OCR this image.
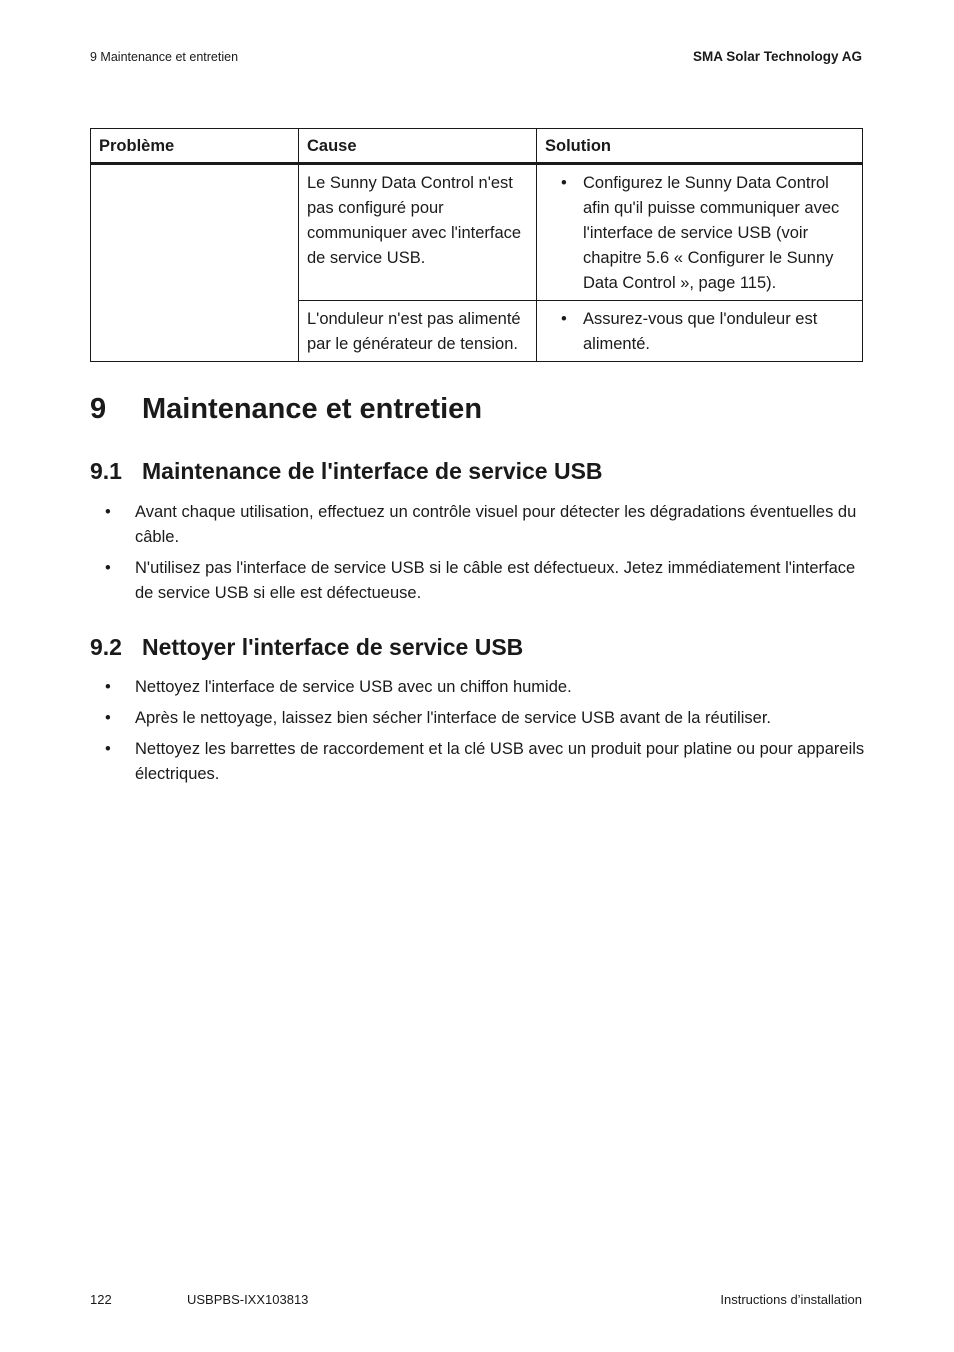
9 Maintenance et entretien	SMA Solar Technology AG
Problème	Cause	Solution
	Le Sunny Data Control n'est pas configuré pour communiquer avec l'interface de service USB.	• Configurez le Sunny Data Control afin qu'il puisse communiquer avec l'interface de service USB (voir chapitre 5.6 « Configurer le Sunny Data Control », page 115).
	L'onduleur n'est pas alimenté par le générateur de tension.	• Assurez-vous que l'onduleur est alimenté.
9 Maintenance et entretien
9.1 Maintenance de l'interface de service USB
• Avant chaque utilisation, effectuez un contrôle visuel pour détecter les dégradations éventuelles du câble.
• N'utilisez pas l'interface de service USB si le câble est défectueux. Jetez immédiatement l'interface de service USB si elle est défectueuse.
9.2 Nettoyer l'interface de service USB
• Nettoyez l'interface de service USB avec un chiffon humide.
• Après le nettoyage, laissez bien sécher l'interface de service USB avant de la réutiliser.
• Nettoyez les barrettes de raccordement et la clé USB avec un produit pour platine ou pour appareils électriques.
122	USBPBS-IXX103813	Instructions d’installation
